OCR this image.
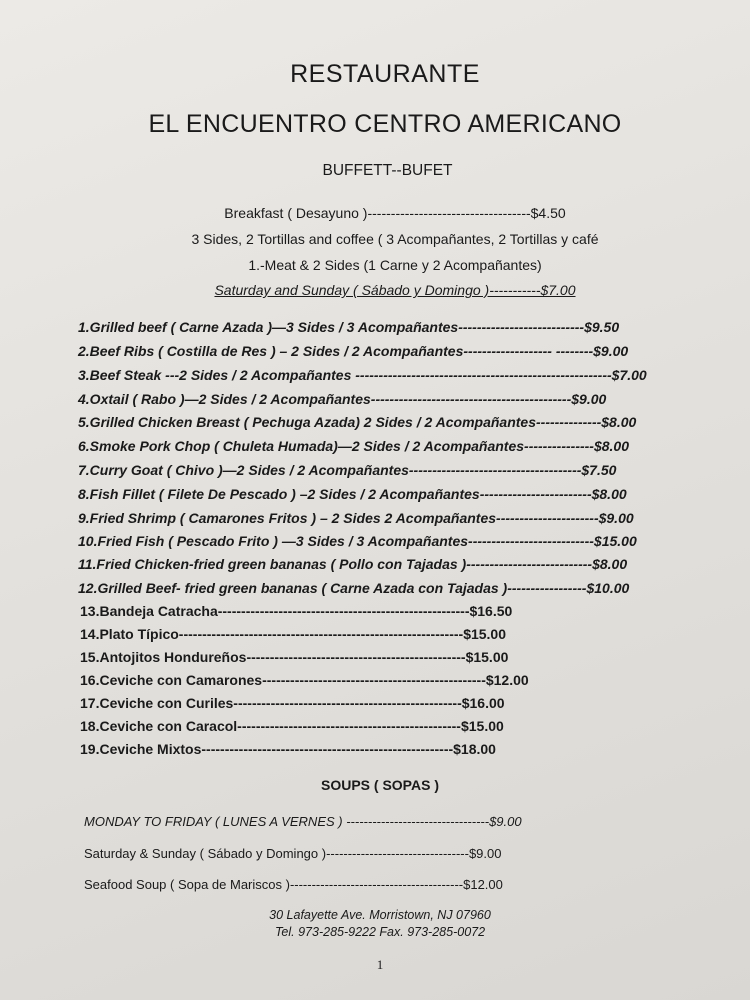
RESTAURANTE
EL ENCUENTRO CENTRO AMERICANO
BUFFETT--BUFET
Breakfast ( Desayuno )-----------------------------------$4.50
3 Sides, 2 Tortillas and coffee ( 3 Acompañantes, 2 Tortillas y café
1.-Meat & 2 Sides (1 Carne y 2 Acompañantes)
Saturday and Sunday ( Sábado y Domingo )-----------$7.00
1.Grilled beef ( Carne Azada )—3 Sides / 3 Acompañantes---------------------------$9.50
2.Beef Ribs ( Costilla de Res ) – 2 Sides / 2 Acompañantes------------------- --------$9.00
3.Beef Steak ---2 Sides / 2 Acompañantes -------------------------------------------------------$7.00
4.Oxtail ( Rabo )—2 Sides / 2 Acompañantes-------------------------------------------$9.00
5.Grilled Chicken Breast ( Pechuga Azada) 2 Sides / 2 Acompañantes--------------$8.00
6.Smoke Pork Chop ( Chuleta Humada)—2 Sides / 2 Acompañantes---------------$8.00
7.Curry Goat ( Chivo )—2 Sides / 2 Acompañantes-------------------------------------$7.50
8.Fish Fillet ( Filete De Pescado ) –2 Sides / 2 Acompañantes------------------------$8.00
9.Fried Shrimp ( Camarones Fritos ) – 2 Sides 2 Acompañantes----------------------$9.00
10.Fried Fish ( Pescado Frito ) —3 Sides / 3 Acompañantes---------------------------$15.00
11.Fried Chicken-fried green bananas ( Pollo con Tajadas )---------------------------$8.00
12.Grilled Beef- fried green bananas ( Carne Azada con Tajadas )-----------------$10.00
13.Bandeja Catracha------------------------------------------------------$16.50
14.Plato Típico-------------------------------------------------------------$15.00
15.Antojitos Hondureños-----------------------------------------------$15.00
16.Ceviche con Camarones------------------------------------------------$12.00
17.Ceviche con Curiles-------------------------------------------------$16.00
18.Ceviche con Caracol------------------------------------------------$15.00
19.Ceviche Mixtos------------------------------------------------------$18.00
SOUPS ( SOPAS )
MONDAY TO FRIDAY ( LUNES A VERNES ) ---------------------------------$9.00
Saturday & Sunday ( Sábado y Domingo )---------------------------------$9.00
Seafood Soup ( Sopa de Mariscos )----------------------------------------$12.00
30 Lafayette Ave. Morristown, NJ 07960
Tel. 973-285-9222 Fax. 973-285-0072
1
